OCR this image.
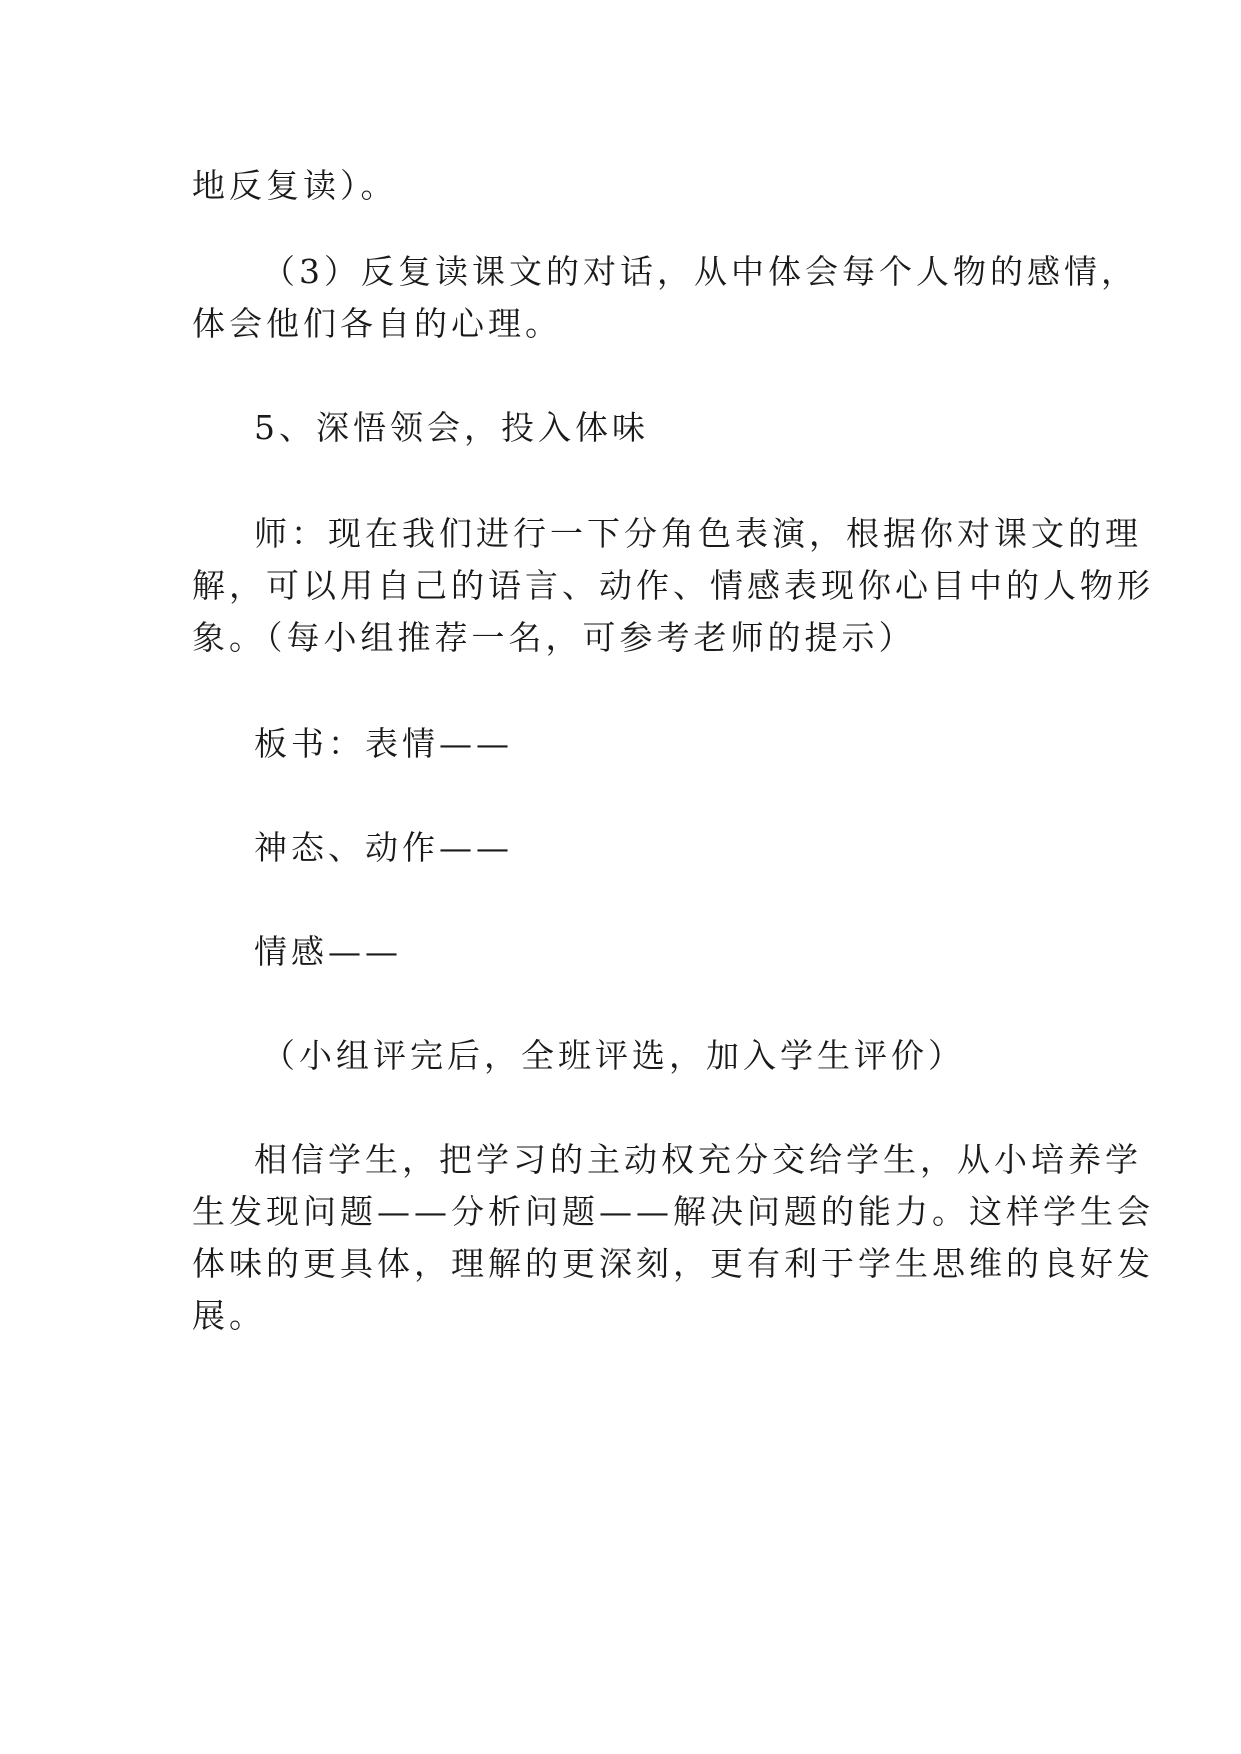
地反复读）。
（3）反复读课文的对话，从中体会每个人物的感情，
体会他们各自的心理。
5、深悟领会，投入体味
师：现在我们进行一下分角色表演，根据你对课文的理
解，可以用自己的语言、动作、情感表现你心目中的人物形
象。（每小组推荐一名，可参考老师的提示）
板书：表情——
神态、动作——
情感——
（小组评完后，全班评选，加入学生评价）
相信学生，把学习的主动权充分交给学生，从小培养学
生发现问题——分析问题——解决问题的能力。这样学生会
体味的更具体，理解的更深刻，更有利于学生思维的良好发
展。
